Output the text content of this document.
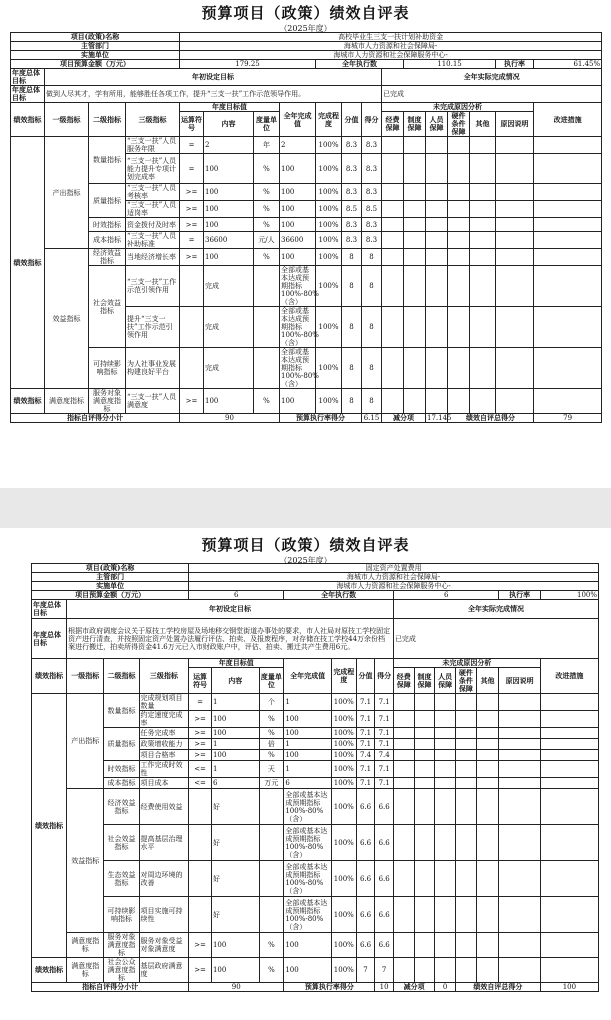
预算项目（政策）绩效自评表
（2025年度）
项目(政策)名称				高校毕业生三支一扶计划补助资金													
主管部门				海城市人力资源和社会保障局-													
实施单位				海城市人力资源和社会保障服务中心-													
项目预算金额（万元）				179.25				全年执行数				110.15				执行率	61.45%
年度总体目标	年初设定目标										全年实际完成情况						
年度总体目标	做到人尽其才，学有所用，能够胜任各项工作，提升“三支一扶”工作示范领导作用。										已完成						
绩效指标	一级指标	二级指标	三级指标	年度目标值			全年完成值	完成程度	分值	得分	未完成原因分析						改进措施
				运算符号	内容	度量单位					经费保障	制度保障	人员保障	硬件条件保障	其他	原因说明	
绩效指标	产出指标	数量指标	“三支一扶”人员服务年限	=	2	年	2	100%	8.3	8.3							
			“三支一扶”人员能力提升专项计划完成率	=	100	%	100	100%	8.3	8.3							
		质量指标	“三支一扶”人员考核率	>=	100	%	100	100%	8.3	8.3							
			“三支一扶”人员适岗率	>=	100	%	100	100%	8.5	8.5							
		时效指标	资金拨付及时率	>=	100	%	100	100%	8.3	8.3							
		成本指标	“三支一扶”人员补助标准	=	36600	元/人	36600	100%	8.3	8.3							
	效益指标	经济效益指标	当地经济增长率	>=	100	%	100	100%	8	8							
		社会效益指标	“三支一扶”工作示范引领作用		完成		全部或基本达成预期指标100%-80%（含）	100%	8	8							
			提升“三支一扶”工作示范引领作用		完成		全部或基本达成预期指标100%-80%（含）	100%	8	8							
		可持续影响指标	为人社事业发展构建良好平台		完成		全部或基本达成预期指标100%-80%（含）	100%	8	8							
绩效指标	满意度指标	服务对象满意度指标	“三支一扶”人员满意度	>=	100	%	100	100%	8	8							
指标自评得分小计				90			预算执行率得分			6.15	减分项		17.145	绩效自评总得分			79
预算项目（政策）绩效自评表
（2025年度）
项目(政策)名称				固定资产处置费用													
主管部门				海城市人力资源和社会保障局-													
实施单位				海城市人力资源和社会保障服务中心-													
项目预算金额（万元）				6			全年执行数				6					执行率	100%
年度总体目标	年初设定目标										全年实际完成情况						
年度总体目标	根据市政府调度会议关于原技工学校房屋及场地移交钢堂街道办事处的要求，市人社局对原技工学校固定资产进行清查，并按照固定资产处置办法履行评估、拍卖、及报废程序，对存储在技工学校44万余份档案进行搬迁，拍卖所得资金41.6万元已入市财政账户中，评估、拍卖、搬迁共产生费用6元。										已完成						
绩效指标	一级指标	二级指标	三级指标	年度目标值			全年完成值	完成程度	分值	得分	未完成原因分析						改进措施
				运算符号	内容	度量单位					经费保障	制度保障	人员保障	硬件条件保障	其他	原因说明	
绩效指标	产出指标	数量指标	完成规划项目数量	=	1	个	1	100%	7.1	7.1							
			约定速度完成率	>=	100	%	100	100%	7.1	7.1							
		质量指标	任务完成率	>=	100	%	100	100%	7.1	7.1							
			政策增收能力	>=	1	倍	1	100%	7.1	7.1							
			项目合格率	>=	100	%	100	100%	7.4	7.4							
		时效指标	工作完成时效性	<=	1	天	1	100%	7.1	7.1							
		成本指标	项目成本	<=	6	万元	6	100%	7.1	7.1							
	效益指标	经济效益指标	经费使用效益		好		全部或基本达成预期指标100%-80%（含）	100%	6.6	6.6							
		社会效益指标	提高基层治理水平		好		全部或基本达成预期指标100%-80%（含）	100%	6.6	6.6							
		生态效益指标	对周边环境的改善		好		全部或基本达成预期指标100%-80%（含）	100%	6.6	6.6							
		可持续影响指标	项目实施可持续性		好		全部或基本达成预期指标100%-80%（含）	100%	6.6	6.6							
	满意度指标	服务对象满意度指标	服务对象受益对象满意度	>=	100	%	100	100%	6.6	6.6							
绩效指标	满意度指标	社会公众满意度指标	基层政府满意度	>=	100	%	100	100%	7	7							
指标自评得分小计				90			预算执行率得分			10	减分项		0	绩效自评总得分			100
